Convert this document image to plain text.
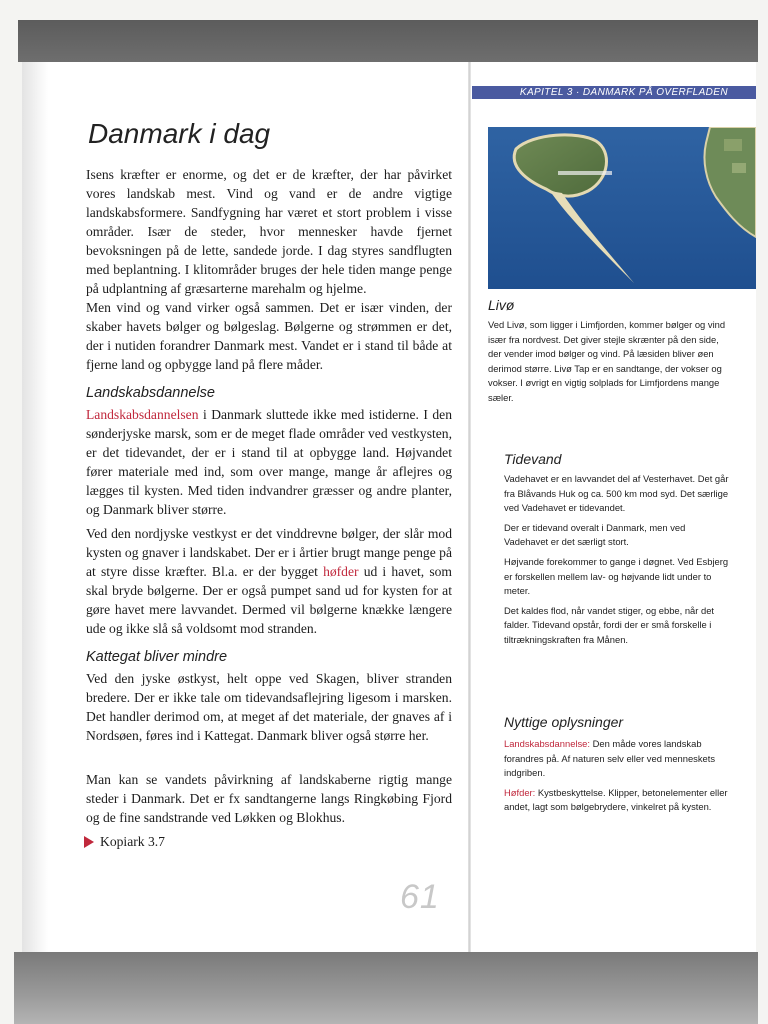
KAPITEL 3 · DANMARK PÅ OVERFLADEN
Danmark i dag

Isens kræfter er enorme, og det er de kræfter, der har påvirket vores landskab mest. Vind og vand er de andre vigtige landskabsformere. Sandfygning har været et stort problem i visse områder. Især de steder, hvor mennesker havde fjernet bevoksningen på de lette, sandede jorde. I dag styres sandflugten med beplantning. I klitområder bruges der hele tiden mange penge på udplantning af græsarterne marehalm og hjelme.

Men vind og vand virker også sammen. Det er især vinden, der skaber havets bølger og bølgeslag. Bølgerne og strømmen er det, der i nutiden forandrer Danmark mest. Vandet er i stand til både at fjerne land og opbygge land på flere måder.

Landskabsdannelse

Landskabsdannelsen i Danmark sluttede ikke med istiderne. I den sønderjyske marsk, som er de meget flade områder ved vestkysten, er det tidevandet, der er i stand til at opbygge land. Højvandet fører materiale med ind, som over mange, mange år aflejres og lægges til kysten. Med tiden indvandrer græsser og andre planter, og Danmark bliver større.

Ved den nordjyske vestkyst er det vinddrevne bølger, der slår mod kysten og gnaver i landskabet. Der er i årtier brugt mange penge på at styre disse kræfter. Bl.a. er der bygget høfder ud i havet, som skal bryde bølgerne. Der er også pumpet sand ud for kysten for at gøre havet mere lavvandet. Dermed vil bølgerne knække længere ude og ikke slå så voldsomt mod stranden.

Kattegat bliver mindre

Ved den jyske østkyst, helt oppe ved Skagen, bliver stranden bredere. Der er ikke tale om tidevandsaflejring ligesom i marsken. Det handler derimod om, at meget af det materiale, der gnaves af i Nordsøen, føres ind i Kattegat. Danmark bliver også større her.

Man kan se vandets påvirkning af landskaberne rigtig mange steder i Danmark. Det er fx sandtangerne langs Ringkøbing Fjord og de fine sandstrande ved Løkken og Blokhus.

Kopiark 3.7
61
Livø

Ved Livø, som ligger i Limfjorden, kommer bølger og vind især fra nordvest. Det giver stejle skrænter på den side, der vender imod bølger og vind. På læsiden bliver øen derimod større. Livø Tap er en sandtange, der vokser og vokser. I øvrigt en vigtig solplads for Limfjordens mange sæler.

Tidevand

Vadehavet er en lavvandet del af Vesterhavet. Det går fra Blåvands Huk og ca. 500 km mod syd. Det særlige ved Vadehavet er tidevandet.

Der er tidevand overalt i Danmark, men ved Vadehavet er det særligt stort.

Højvande forekommer to gange i døgnet. Ved Esbjerg er forskellen mellem lav- og højvande lidt under to meter.

Det kaldes flod, når vandet stiger, og ebbe, når det falder. Tidevand opstår, fordi der er små forskelle i tiltrækningskraften fra Månen.

Nyttige oplysninger

Landskabsdannelse: Den måde vores landskab forandres på. Af naturen selv eller ved menneskets indgriben.

Høfder: Kystbeskyttelse. Klipper, betonelementer eller andet, lagt som bølgebrydere, vinkelret på kysten.
